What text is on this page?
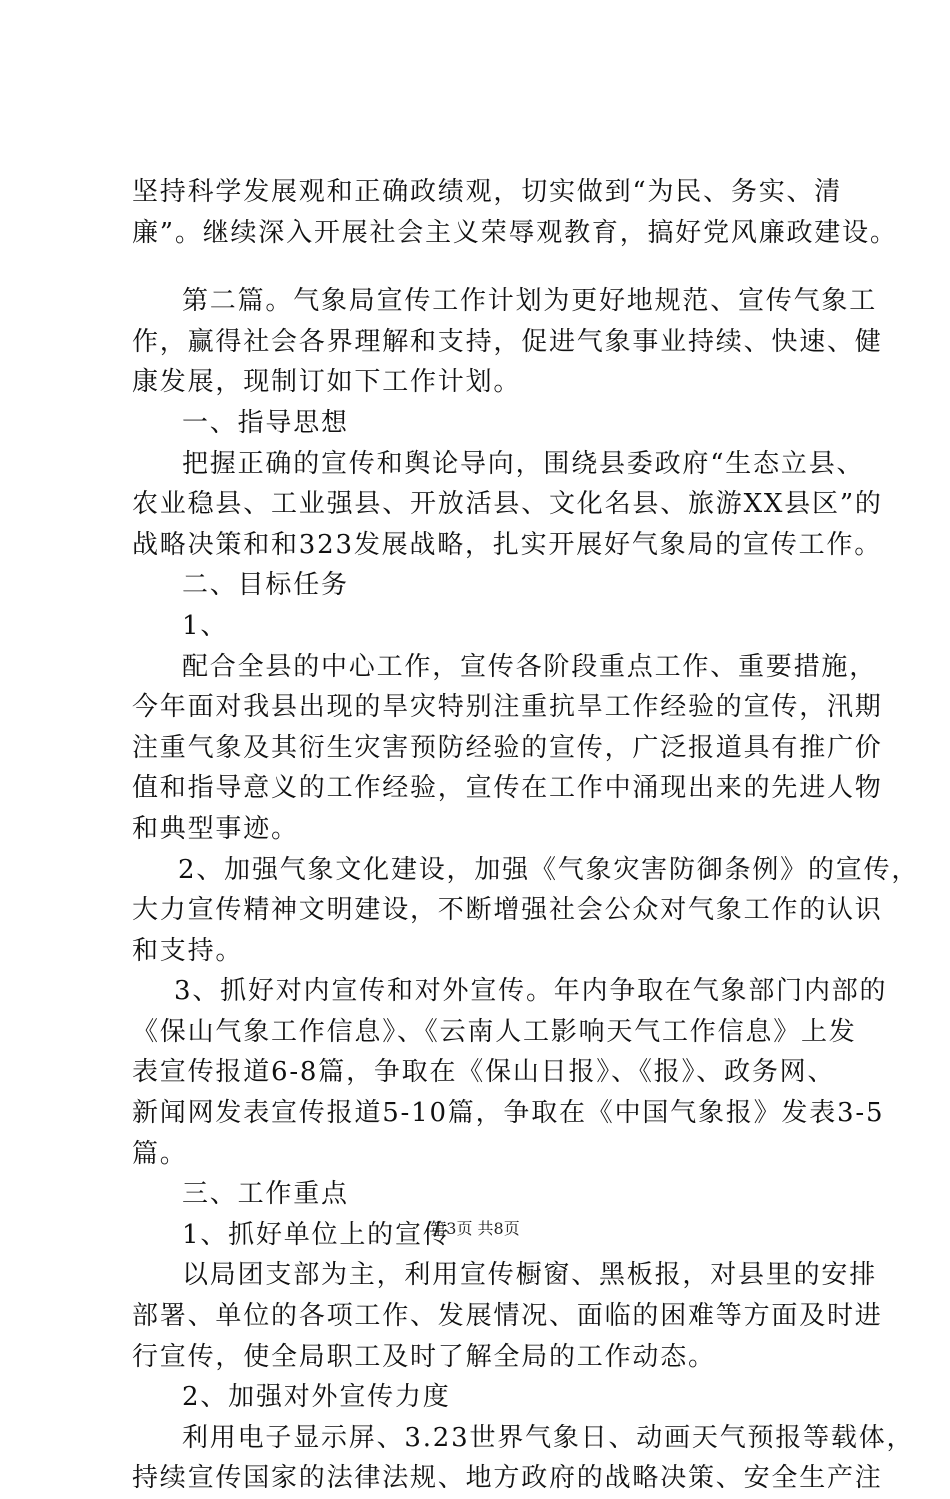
坚持科学发展观和正确政绩观，切实做到“为民、务实、清
廉”。继续深入开展社会主义荣辱观教育，搞好党风廉政建设。
第二篇。气象局宣传工作计划为更好地规范、宣传气象工
作，赢得社会各界理解和支持，促进气象事业持续、快速、健
康发展，现制订如下工作计划。
一、指导思想
把握正确的宣传和舆论导向，围绕县委政府“生态立县、
农业稳县、工业强县、开放活县、文化名县、旅游XX县区”的
战略决策和和323发展战略，扎实开展好气象局的宣传工作。
二、目标任务
1、
配合全县的中心工作，宣传各阶段重点工作、重要措施，
今年面对我县出现的旱灾特别注重抗旱工作经验的宣传，汛期
注重气象及其衍生灾害预防经验的宣传，广泛报道具有推广价
值和指导意义的工作经验，宣传在工作中涌现出来的先进人物
和典型事迹。
2、加强气象文化建设，加强《气象灾害防御条例》的宣传，
大力宣传精神文明建设，不断增强社会公众对气象工作的认识
和支持。
3、抓好对内宣传和对外宣传。年内争取在气象部门内部的
《保山气象工作信息》、《云南人工影响天气工作信息》上发
表宣传报道6-8篇，争取在《保山日报》、《报》、政务网、
新闻网发表宣传报道5-10篇，争取在《中国气象报》发表3-5
篇。
三、工作重点
1、抓好单位上的宣传
以局团支部为主，利用宣传橱窗、黑板报，对县里的安排
部署、单位的各项工作、发展情况、面临的困难等方面及时进
行宣传，使全局职工及时了解全局的工作动态。
2、加强对外宣传力度
利用电子显示屏、3.23世界气象日、动画天气预报等载体，
持续宣传国家的法律法规、地方政府的战略决策、安全生产注
第3页 共8页
